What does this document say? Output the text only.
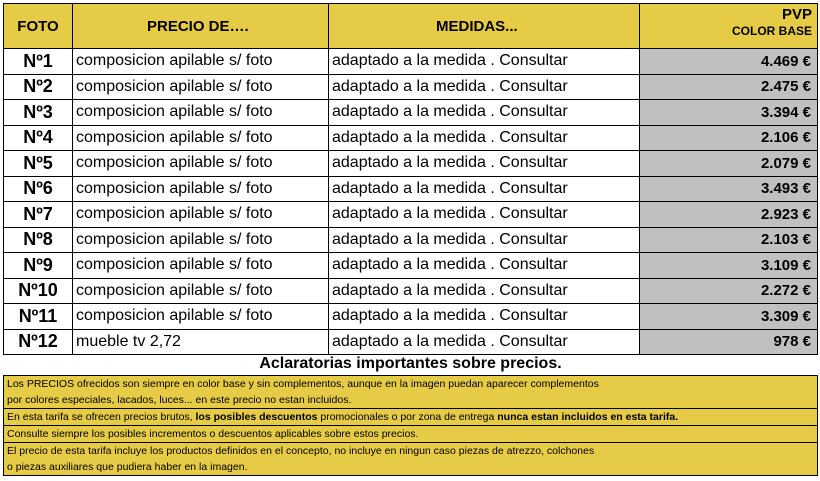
FOTO	PRECIO DE….	MEDIDAS...	PVP
COLOR BASE

Nº1	composicion apilable s/ foto	adaptado a la medida . Consultar	4.469 €
Nº2	composicion apilable s/ foto	adaptado a la medida . Consultar	2.475 €
Nº3	composicion apilable s/ foto	adaptado a la medida . Consultar	3.394 €
Nº4	composicion apilable s/ foto	adaptado a la medida . Consultar	2.106 €
Nº5	composicion apilable s/ foto	adaptado a la medida . Consultar	2.079 €
Nº6	composicion apilable s/ foto	adaptado a la medida . Consultar	3.493 €
Nº7	composicion apilable s/ foto	adaptado a la medida . Consultar	2.923 €
Nº8	composicion apilable s/ foto	adaptado a la medida . Consultar	2.103 €
Nº9	composicion apilable s/ foto	adaptado a la medida . Consultar	3.109 €
Nº10	composicion apilable s/ foto	adaptado a la medida . Consultar	2.272 €
Nº11	composicion apilable s/ foto	adaptado a la medida . Consultar	3.309 €
Nº12	mueble tv 2,72	adaptado a la medida . Consultar	978 €
Aclaratorias importantes sobre precios.
Los PRECIOS ofrecidos son siempre en color base y sin complementos, aunque en la imagen puedan aparecer complementos
por colores especiales, lacados, luces... en este precio no estan incluidos.
En esta tarifa se ofrecen precios brutos, los posibles descuentos promocionales o por zona de entrega nunca estan incluidos en esta tarifa.
Consulte siempre los posibles incrementos o descuentos aplicables sobre estos precios.
El precio de esta tarifa incluye los productos definidos en el concepto, no incluye en ningun caso piezas de atrezzo, colchones
o piezas auxiliares que pudiera haber en la imagen.
